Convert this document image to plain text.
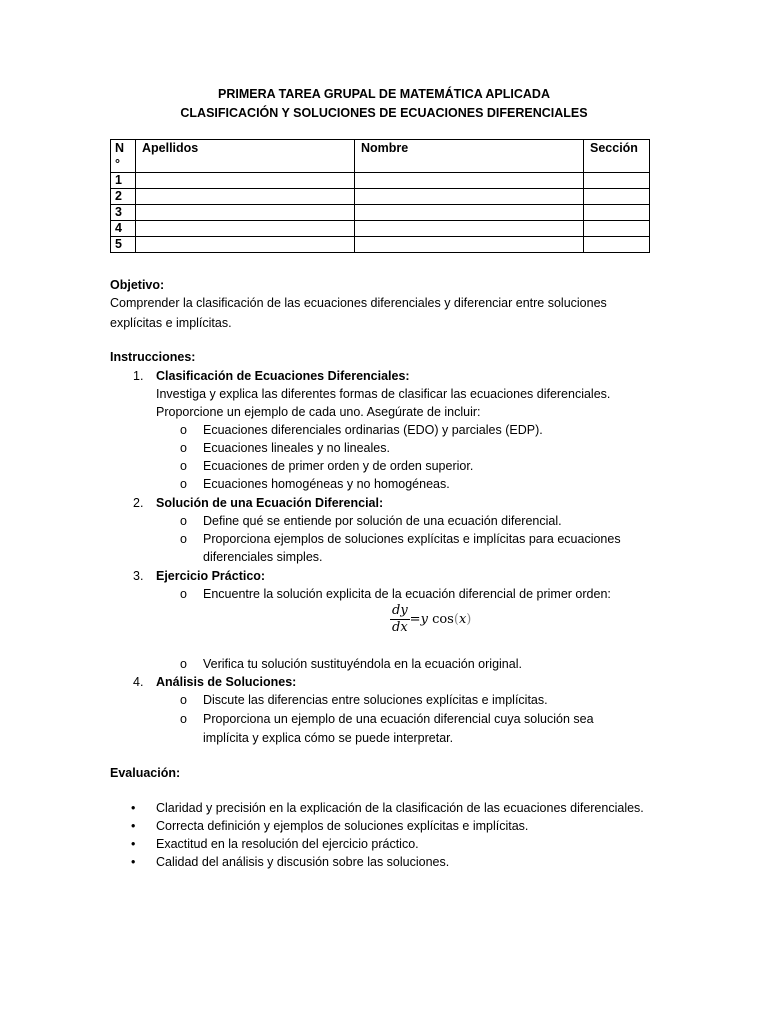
PRIMERA TAREA GRUPAL DE MATEMÁTICA APLICADA
CLASIFICACIÓN Y SOLUCIONES DE ECUACIONES DIFERENCIALES
N
°	Apellidos	Nombre	Sección
1			
2			
3			
4			
5			
Objetivo:
Comprender la clasificación de las ecuaciones diferenciales y diferenciar entre soluciones
explícitas e implícitas.
Instrucciones:
1. Clasificación de Ecuaciones Diferenciales:
Investiga y explica las diferentes formas de clasificar las ecuaciones diferenciales.
Proporcione un ejemplo de cada uno. Asegúrate de incluir:
o Ecuaciones diferenciales ordinarias (EDO) y parciales (EDP).
o Ecuaciones lineales y no lineales.
o Ecuaciones de primer orden y de orden superior.
o Ecuaciones homogéneas y no homogéneas.
2. Solución de una Ecuación Diferencial:
o Define qué se entiende por solución de una ecuación diferencial.
o Proporciona ejemplos de soluciones explícitas e implícitas para ecuaciones
diferenciales simples.
3. Ejercicio Práctico:
o Encuentre la solución explicita de la ecuación diferencial de primer orden:
$\frac{dy}{dx} =y$ cos(x)
o Verifica tu solución sustituyéndola en la ecuación original.
4. Análisis de Soluciones:
o Discute las diferencias entre soluciones explícitas e implícitas.
o Proporciona un ejemplo de una ecuación diferencial cuya solución sea
implícita y explica cómo se puede interpretar.
Evaluación:
• Claridad y precisión en la explicación de la clasificación de las ecuaciones diferenciales.
• Correcta definición y ejemplos de soluciones explícitas e implícitas.
• Exactitud en la resolución del ejercicio práctico.
• Calidad del análisis y discusión sobre las soluciones.
